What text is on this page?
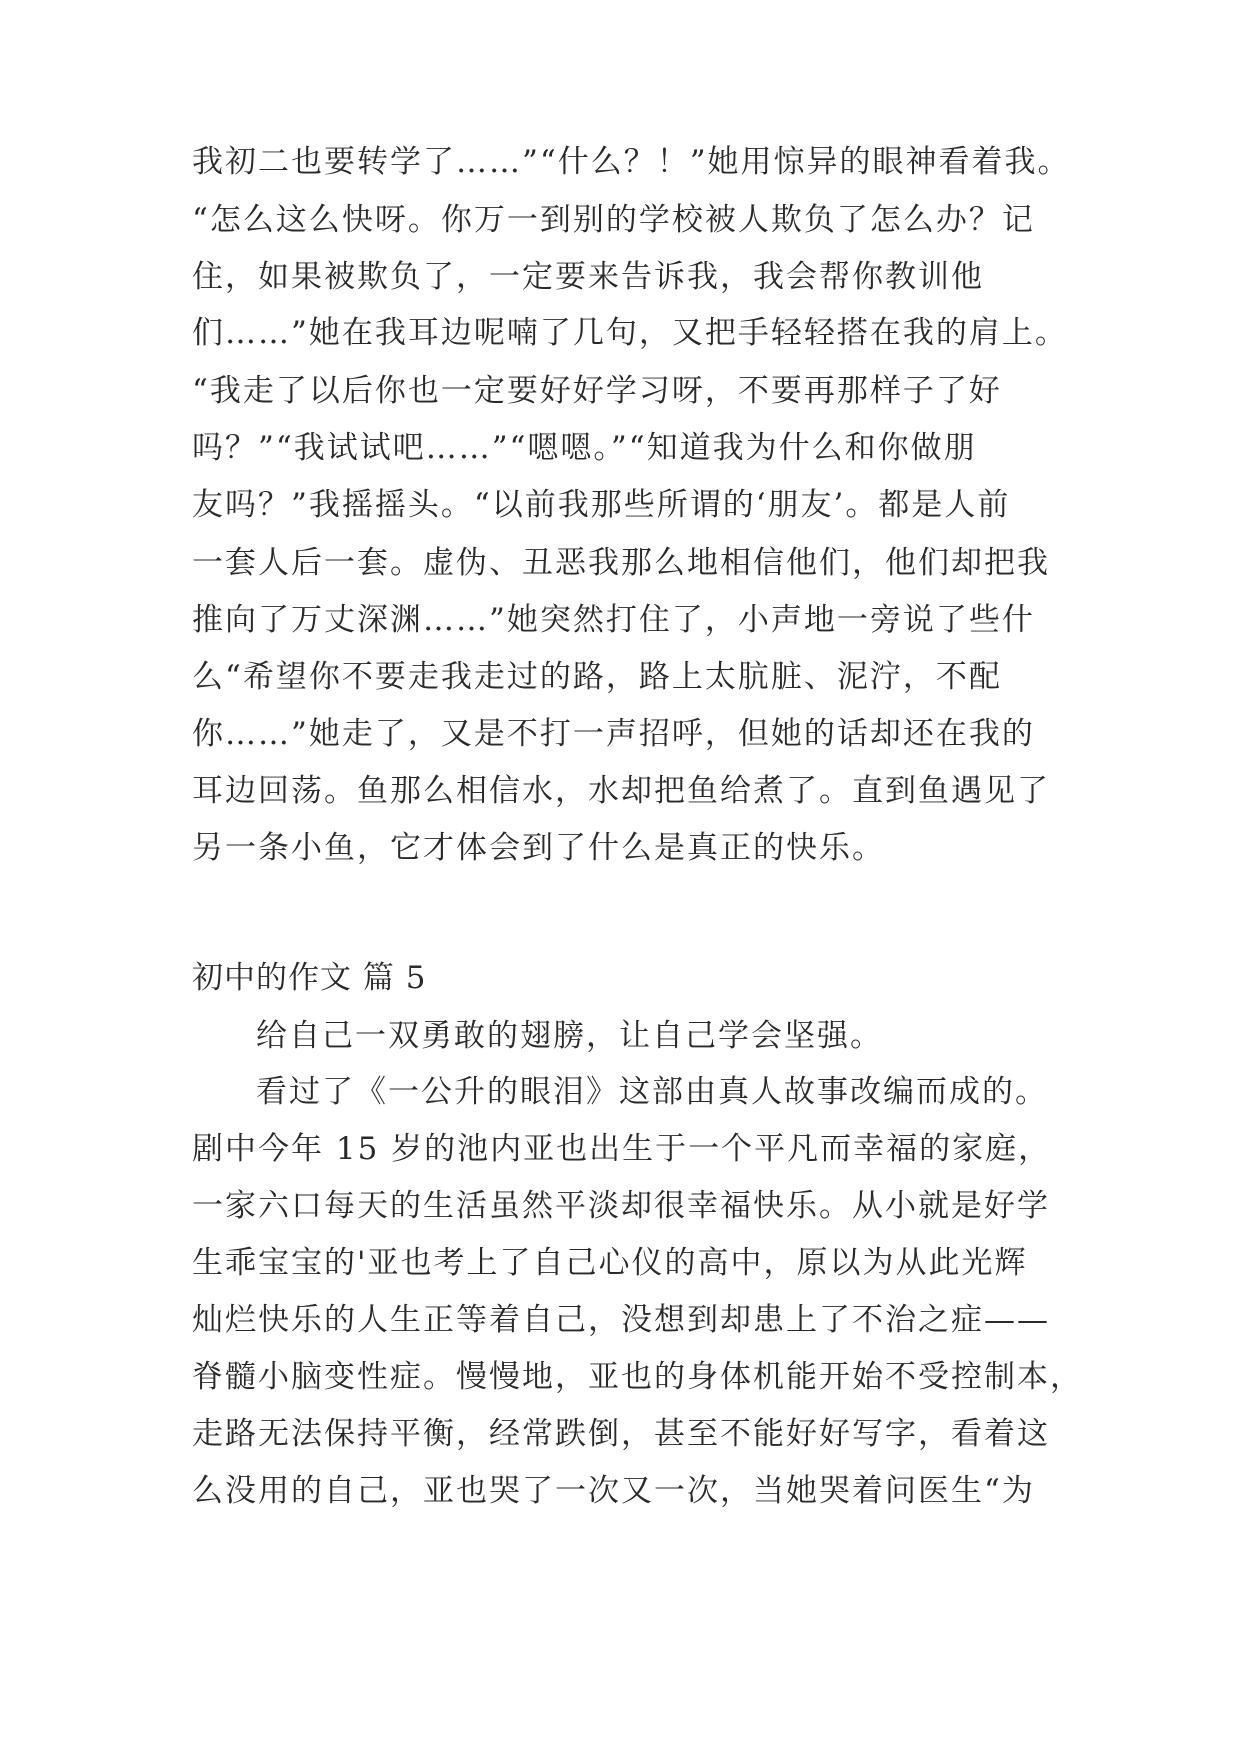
我初二也要转学了……”“什么？！”她用惊异的眼神看着我。
“怎么这么快呀。你万一到别的学校被人欺负了怎么办？记
住，如果被欺负了，一定要来告诉我，我会帮你教训他
们……”她在我耳边呢喃了几句，又把手轻轻搭在我的肩上。
“我走了以后你也一定要好好学习呀，不要再那样子了好
吗？”“我试试吧……”“嗯嗯。”“知道我为什么和你做朋
友吗？”我摇摇头。“以前我那些所谓的‘朋友’。都是人前
一套人后一套。虚伪、丑恶我那么地相信他们，他们却把我
推向了万丈深渊……”她突然打住了，小声地一旁说了些什
么“希望你不要走我走过的路，路上太肮脏、泥泞，不配
你……”她走了，又是不打一声招呼，但她的话却还在我的
耳边回荡。鱼那么相信水，水却把鱼给煮了。直到鱼遇见了
另一条小鱼，它才体会到了什么是真正的快乐。
初中的作文 篇 5
给自己一双勇敢的翅膀，让自己学会坚强。
看过了《一公升的眼泪》这部由真人故事改编而成的。
剧中今年 15 岁的池内亚也出生于一个平凡而幸福的家庭，
一家六口每天的生活虽然平淡却很幸福快乐。从小就是好学
生乖宝宝的'亚也考上了自己心仪的高中，原以为从此光辉
灿烂快乐的人生正等着自己，没想到却患上了不治之症——
脊髓小脑变性症。慢慢地，亚也的身体机能开始不受控制本，
走路无法保持平衡，经常跌倒，甚至不能好好写字，看着这
么没用的自己，亚也哭了一次又一次，当她哭着问医生“为
